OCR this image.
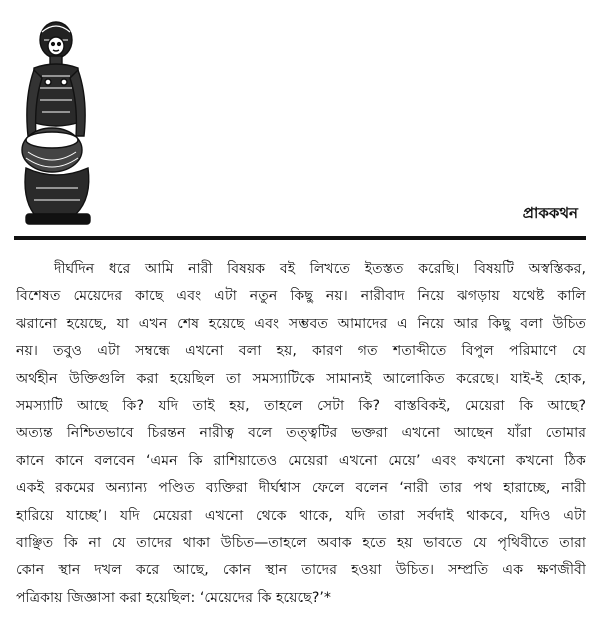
প্রাককথন
দীর্ঘদিন ধরে আমি নারী বিষয়ক বই লিখতে ইতস্তত করেছি। বিষয়টি অস্বস্তিকর,
বিশেষত মেয়েদের কাছে এবং এটা নতুন কিছু নয়। নারীবাদ নিয়ে ঝগড়ায় যথেষ্ট কালি
ঝরানো হয়েছে, যা এখন শেষ হয়েছে এবং সম্ভবত আমাদের এ নিয়ে আর কিছু বলা উচিত
নয়। তবুও এটা সম্বন্ধে এখনো বলা হয়, কারণ গত শতাব্দীতে বিপুল পরিমাণে যে
অর্থহীন উক্তিগুলি করা হয়েছিল তা সমস্যাটিকে সামান্যই আলোকিত করেছে। যাই-ই হোক,
সমস্যাটি আছে কি? যদি তাই হয়, তাহলে সেটা কি? বাস্তবিকই, মেয়েরা কি আছে?
অত্যন্ত নিশ্চিতভাবে চিরন্তন নারীত্ব বলে তত্ত্বটির ভক্তরা এখনো আছেন যাঁরা তোমার
কানে কানে বলবেন ‘এমন কি রাশিয়াতেও মেয়েরা এখনো মেয়ে’ এবং কখনো কখনো ঠিক
একই রকমের অন্যান্য পণ্ডিত ব্যক্তিরা দীর্ঘশ্বাস ফেলে বলেন ‘নারী তার পথ হারাচ্ছে, নারী
হারিয়ে যাচ্ছে’। যদি মেয়েরা এখনো থেকে থাকে, যদি তারা সর্বদাই থাকবে, যদিও এটা
বাঞ্ছিত কি না যে তাদের থাকা উচিত—তাহলে অবাক হতে হয় ভাবতে যে পৃথিবীতে তারা
কোন স্থান দখল করে আছে, কোন স্থান তাদের হওয়া উচিত। সম্প্রতি এক ক্ষণজীবী
পত্রিকায় জিজ্ঞাসা করা হয়েছিল: ‘মেয়েদের কি হয়েছে?’*
